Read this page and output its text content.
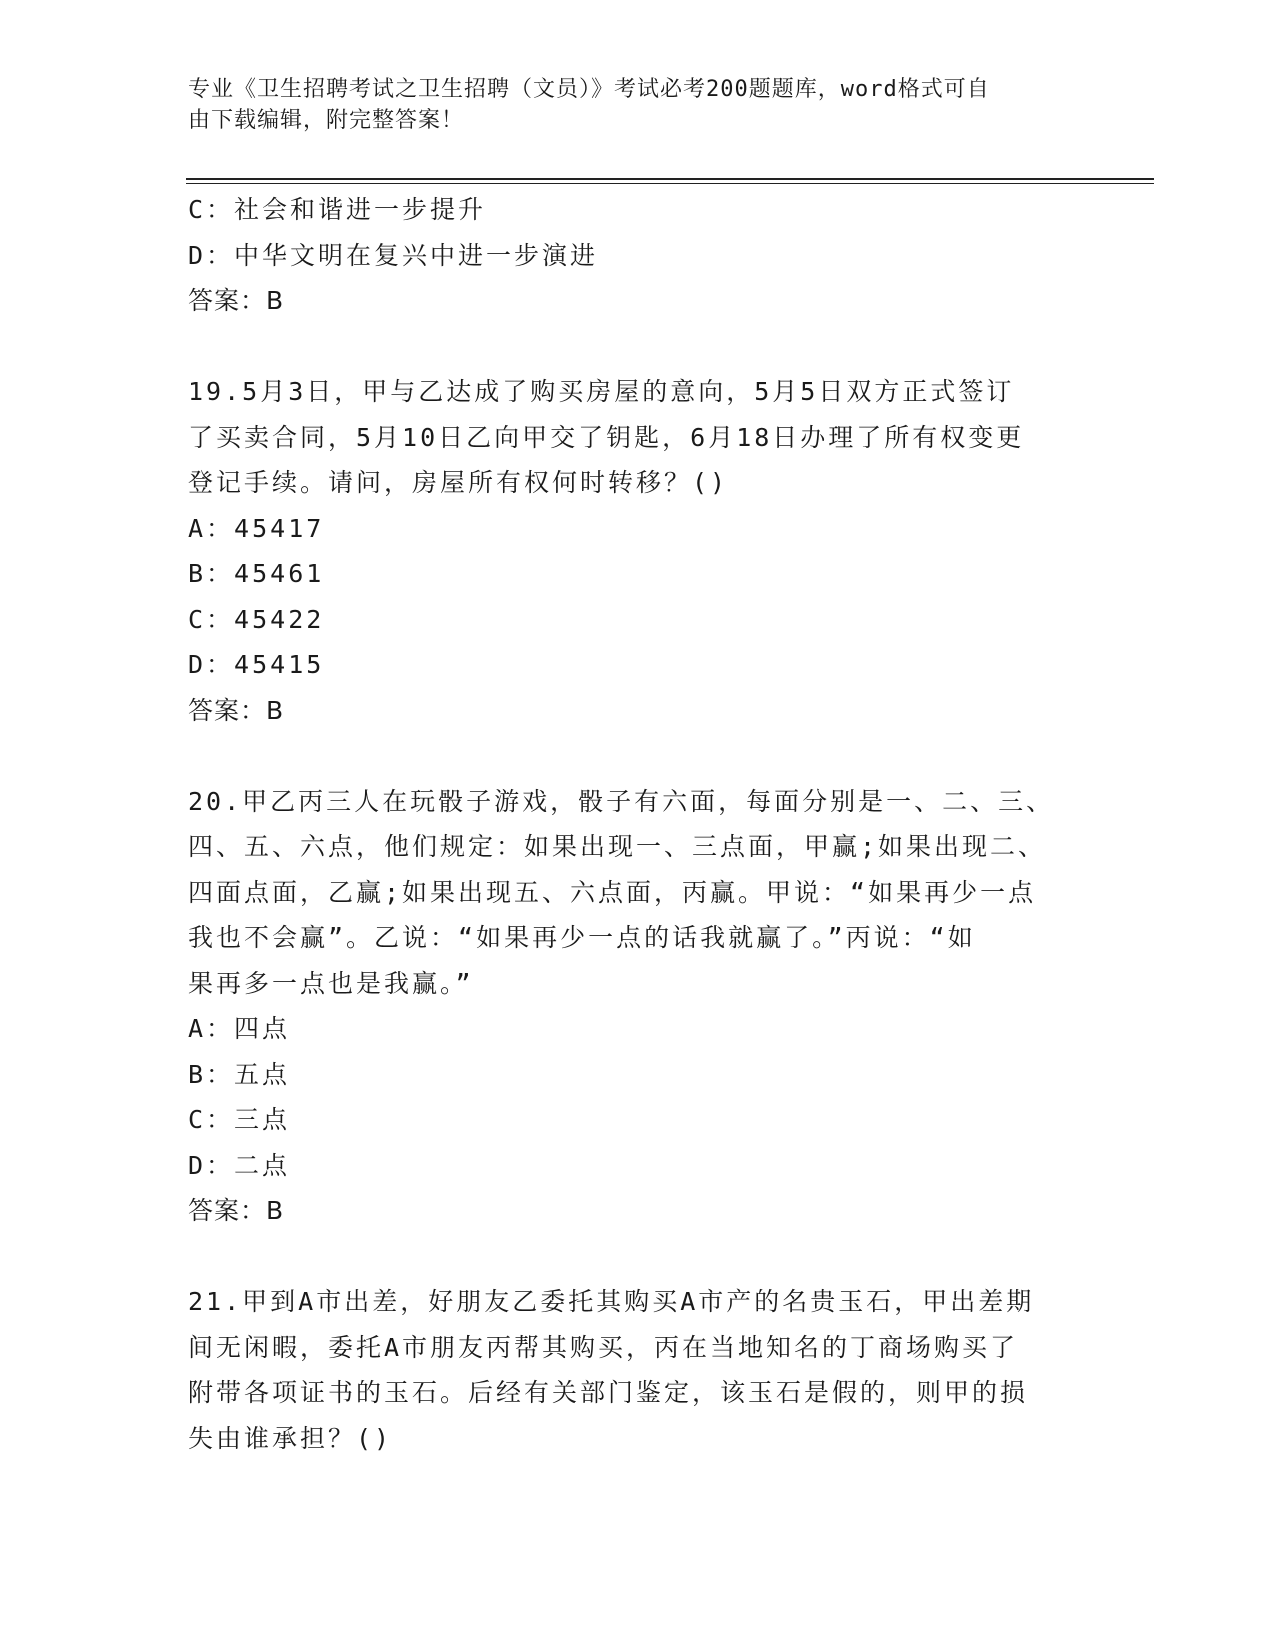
专业《卫生招聘考试之卫生招聘（文员）》考试必考200题题库，word格式可自
由下载编辑，附完整答案！
C：社会和谐进一步提升
D：中华文明在复兴中进一步演进
答案：B
19.5月3日，甲与乙达成了购买房屋的意向，5月5日双方正式签订
了买卖合同，5月10日乙向甲交了钥匙，6月18日办理了所有权变更
登记手续。请问，房屋所有权何时转移？()
A：45417
B：45461
C：45422
D：45415
答案：B
20.甲乙丙三人在玩骰子游戏，骰子有六面，每面分别是一、二、三、
四、五、六点，他们规定：如果出现一、三点面，甲赢;如果出现二、
四面点面，乙赢;如果出现五、六点面，丙赢。甲说：“如果再少一点
我也不会赢”。乙说：“如果再少一点的话我就赢了。”丙说：“如
果再多一点也是我赢。”
A：四点
B：五点
C：三点
D：二点
答案：B
21.甲到A市出差，好朋友乙委托其购买A市产的名贵玉石，甲出差期
间无闲暇，委托A市朋友丙帮其购买，丙在当地知名的丁商场购买了
附带各项证书的玉石。后经有关部门鉴定，该玉石是假的，则甲的损
失由谁承担？()
